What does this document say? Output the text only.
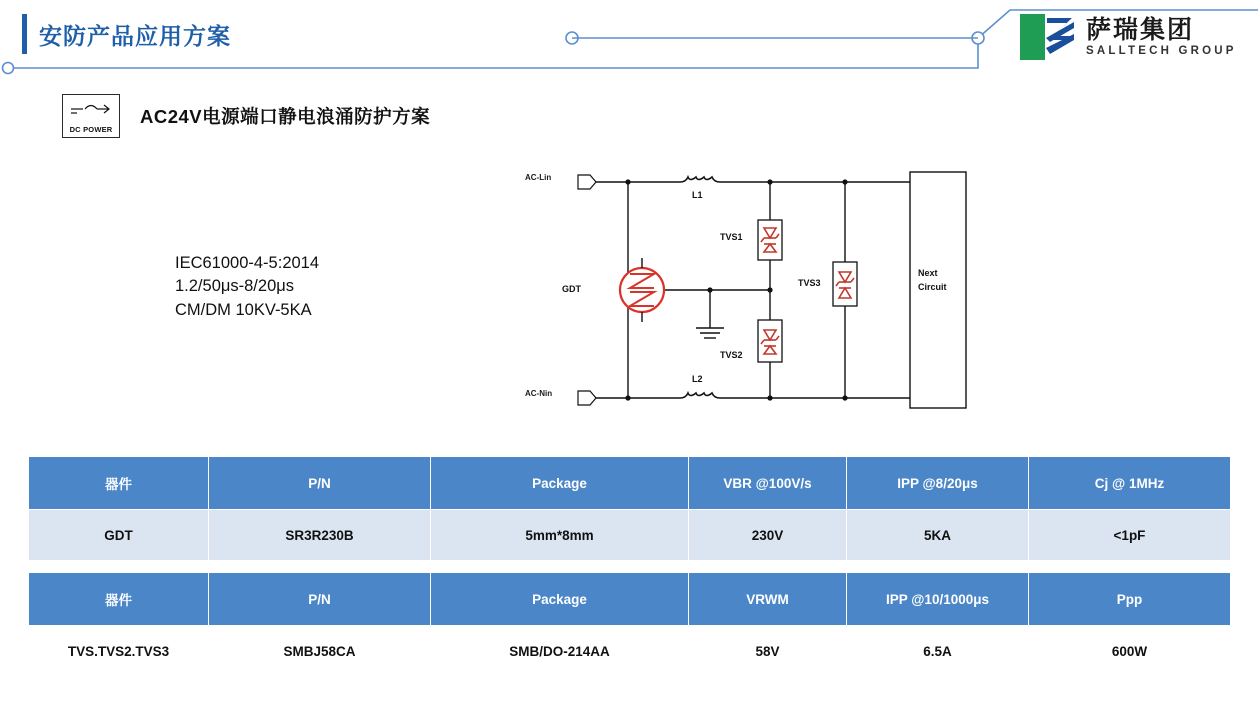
安防产品应用方案	萨瑞集团
SALLTECH GROUP
DC POWER
AC24V电源端口静电浪涌防护方案
IEC61000-4-5:2014
1.2/50μs-8/20μs
CM/DM 10KV-5KA
AC-Lin
AC-Nin
L1
L2
GDT
TVS1
TVS2
TVS3
Next
Circuit
器件	P/N	Package	VBR @100V/s	IPP @8/20μs	Cj @ 1MHz
GDT	SR3R230B	5mm*8mm	230V	5KA	<1pF
器件	P/N	Package	VRWM	IPP @10/1000μs	Ppp
TVS.TVS2.TVS3	SMBJ58CA	SMB/DO-214AA	58V	6.5A	600W
